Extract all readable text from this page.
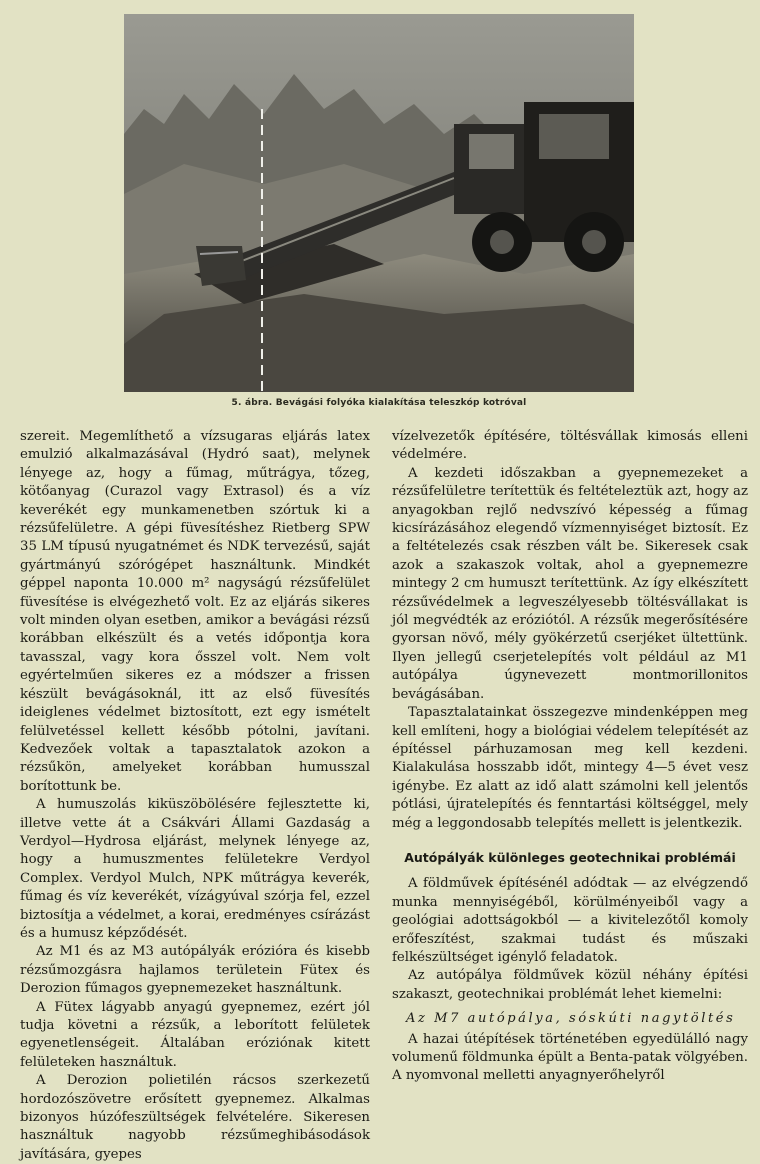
5. ábra. Bevágási folyóka kialakítása teleszkóp kotróval

szereit. Megemlíthető a vízsugaras eljárás latex emulzió alkalmazásával (Hydró saat), melynek lényege az, hogy a fűmag, műtrágya, tőzeg, kötőanyag (Curazol vagy Extrasol) és a víz keverékét egy munkamenetben szórtuk ki a rézsűfelületre. A gépi füvesítéshez Rietberg SPW 35 LM típusú nyugatnémet és NDK tervezésű, saját gyártmányú szórógépet használtunk. Mindkét géppel naponta 10.000 m² nagyságú rézsűfelület füvesítése is elvégezhető volt. Ez az eljárás sikeres volt minden olyan esetben, amikor a bevágási rézsű korábban elkészült és a vetés időpontja kora tavasszal, vagy kora ősszel volt. Nem volt egyértelműen sikeres ez a módszer a frissen készült bevágásoknál, itt az első füvesítés ideiglenes védelmet biztosított, ezt egy ismételt felülvetéssel kellett később pótolni, javítani. Kedvezőek voltak a tapasztalatok azokon a rézsűkön, amelyeket korábban humusszal borítottunk be.

A humuszolás kiküszöbölésére fejlesztette ki, illetve vette át a Csákvári Állami Gazdaság a Verdyol—Hydrosa eljárást, melynek lényege az, hogy a humuszmentes felületekre Verdyol Complex. Verdyol Mulch, NPK műtrágya keverék, fűmag és víz keverékét, vízágyúval szórja fel, ezzel biztosítja a védelmet, a korai, eredményes csírázást és a humusz képződését.

Az M1 és az M3 autópályák erózióra és kisebb rézsűmozgásra hajlamos területein Fütex és Derozion fűmagos gyepnemezeket használtunk.

A Fütex lágyabb anyagú gyepnemez, ezért jól tudja követni a rézsűk, a leborított felületek egyenetlenségeit. Általában eróziónak kitett felületeken használtuk.

A Derozion polietilén rácsos szerkezetű hordozószövetre erősített gyepnemez. Alkalmas bizonyos húzófeszültségek felvételére. Sikeresen használtuk nagyobb rézsűmeghibásodások javítására, gyepes

vízelvezetők építésére, töltésvállak kimosás elleni védelmére.

A kezdeti időszakban a gyepnemezeket a rézsűfelületre terítettük és feltételeztük azt, hogy az anyagokban rejlő nedvszívó képesség a fűmag kicsírázásához elegendő vízmennyiséget biztosít. Ez a feltételezés csak részben vált be. Sikeresek csak azok a szakaszok voltak, ahol a gyepnemezre mintegy 2 cm humuszt terítettünk. Az így elkészített rézsűvédelmek a legveszélyesebb töltésvállakat is jól megvédték az eróziótól. A rézsűk megerősítésére gyorsan növő, mély gyökérzetű cserjéket ültettünk. Ilyen jellegű cserjetelepítés volt például az M1 autópálya úgynevezett montmorillonitos bevágásában.

Tapasztalatainkat összegezve mindenképpen meg kell említeni, hogy a biológiai védelem telepítését az építéssel párhuzamosan meg kell kezdeni. Kialakulása hosszabb időt, mintegy 4—5 évet vesz igénybe. Ez alatt az idő alatt számolni kell jelentős pótlási, újratelepítés és fenntartási költséggel, mely még a leggondosabb telepítés mellett is jelentkezik.

Autópályák különleges geotechnikai problémái

A földművek építésénél adódtak — az elvégzendő munka mennyiségéből, körülményeiből vagy a geológiai adottságokból — a kivitelezőtől komoly erőfeszítést, szakmai tudást és műszaki felkészültséget igénylő feladatok.

Az autópálya földművek közül néhány építési szakaszt, geotechnikai problémát lehet kiemelni:

Az M7 autópálya, sóskúti nagytöltés

A hazai útépítések történetében egyedülálló nagy volumenű földmunka épült a Benta-patak völgyében. A nyomvonal melletti anyagnyerőhelyről
